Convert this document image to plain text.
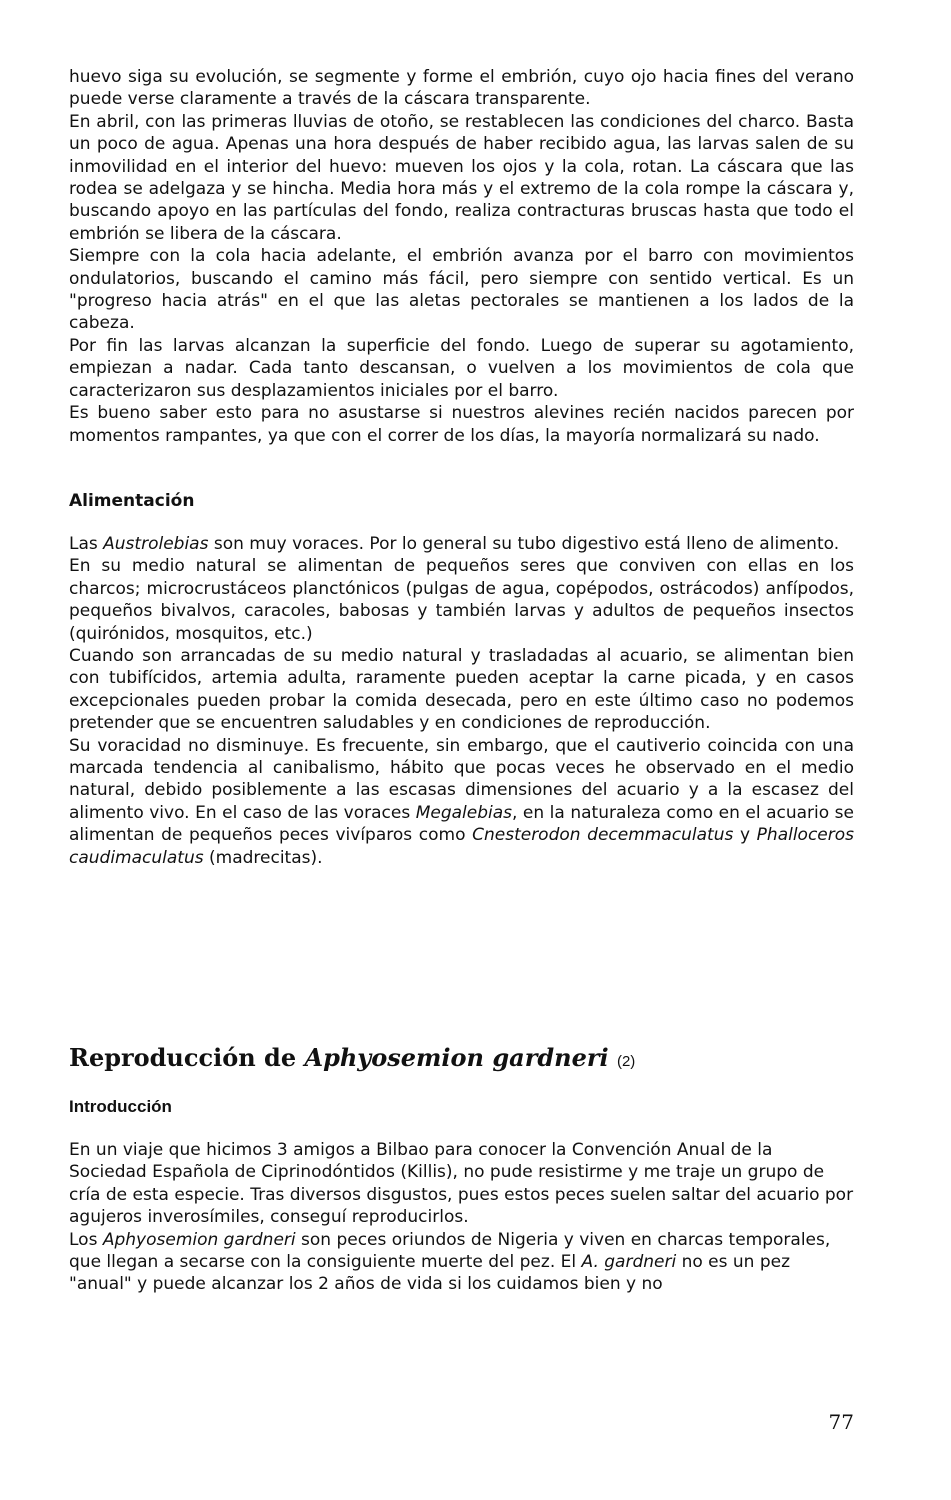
huevo siga su evolución, se segmente y forme el embrión, cuyo ojo hacia fines del verano puede verse claramente a través de la cáscara transparente.

En abril, con las primeras lluvias de otoño, se restablecen las condiciones del charco. Basta un poco de agua. Apenas una hora después de haber recibido agua, las larvas salen de su inmovilidad en el interior del huevo: mueven los ojos y la cola, rotan. La cáscara que las rodea se adelgaza y se hincha. Media hora más y el extremo de la cola rompe la cáscara y, buscando apoyo en las partículas del fondo, realiza contracturas bruscas hasta que todo el embrión se libera de la cáscara.

Siempre con la cola hacia adelante, el embrión avanza por el barro con movimientos ondulatorios, buscando el camino más fácil, pero siempre con sentido vertical. Es un "progreso hacia atrás" en el que las aletas pectorales se mantienen a los lados de la cabeza.

Por fin las larvas alcanzan la superficie del fondo. Luego de superar su agotamiento, empiezan a nadar. Cada tanto descansan, o vuelven a los movimientos de cola que caracterizaron sus desplazamientos iniciales por el barro.

Es bueno saber esto para no asustarse si nuestros alevines recién nacidos parecen por momentos rampantes, ya que con el correr de los días, la mayoría normalizará su nado.

Alimentación

Las Austrolebias son muy voraces. Por lo general su tubo digestivo está lleno de alimento.

En su medio natural se alimentan de pequeños seres que conviven con ellas en los charcos; microcrustáceos planctónicos (pulgas de agua, copépodos, ostrácodos) anfípodos, pequeños bivalvos, caracoles, babosas y también larvas y adultos de pequeños insectos (quirónidos, mosquitos, etc.)

Cuando son arrancadas de su medio natural y trasladadas al acuario, se alimentan bien con tubifícidos, artemia adulta, raramente pueden aceptar la carne picada, y en casos excepcionales pueden probar la comida desecada, pero en este último caso no podemos pretender que se encuentren saludables y en condiciones de reproducción.

Su voracidad no disminuye. Es frecuente, sin embargo, que el cautiverio coincida con una marcada tendencia al canibalismo, hábito que pocas veces he observado en el medio natural, debido posiblemente a las escasas dimensiones del acuario y a la escasez del alimento vivo. En el caso de las voraces Megalebias, en la naturaleza como en el acuario se alimentan de pequeños peces vivíparos como Cnesterodon decemmaculatus y Phalloceros caudimaculatus (madrecitas).

Reproducción de Aphyosemion gardneri (2)
Introducción

En un viaje que hicimos 3 amigos a Bilbao para conocer la Convención Anual de la Sociedad Española de Ciprinodóntidos (Killis), no pude resistirme y me traje un grupo de cría de esta especie. Tras diversos disgustos, pues estos peces suelen saltar del acuario por agujeros inverosímiles, conseguí reproducirlos.

Los Aphyosemion gardneri son peces oriundos de Nigeria y viven en charcas temporales, que llegan a secarse con la consiguiente muerte del pez. El A. gardneri no es un pez "anual" y puede alcanzar los 2 años de vida si los cuidamos bien y no

77
